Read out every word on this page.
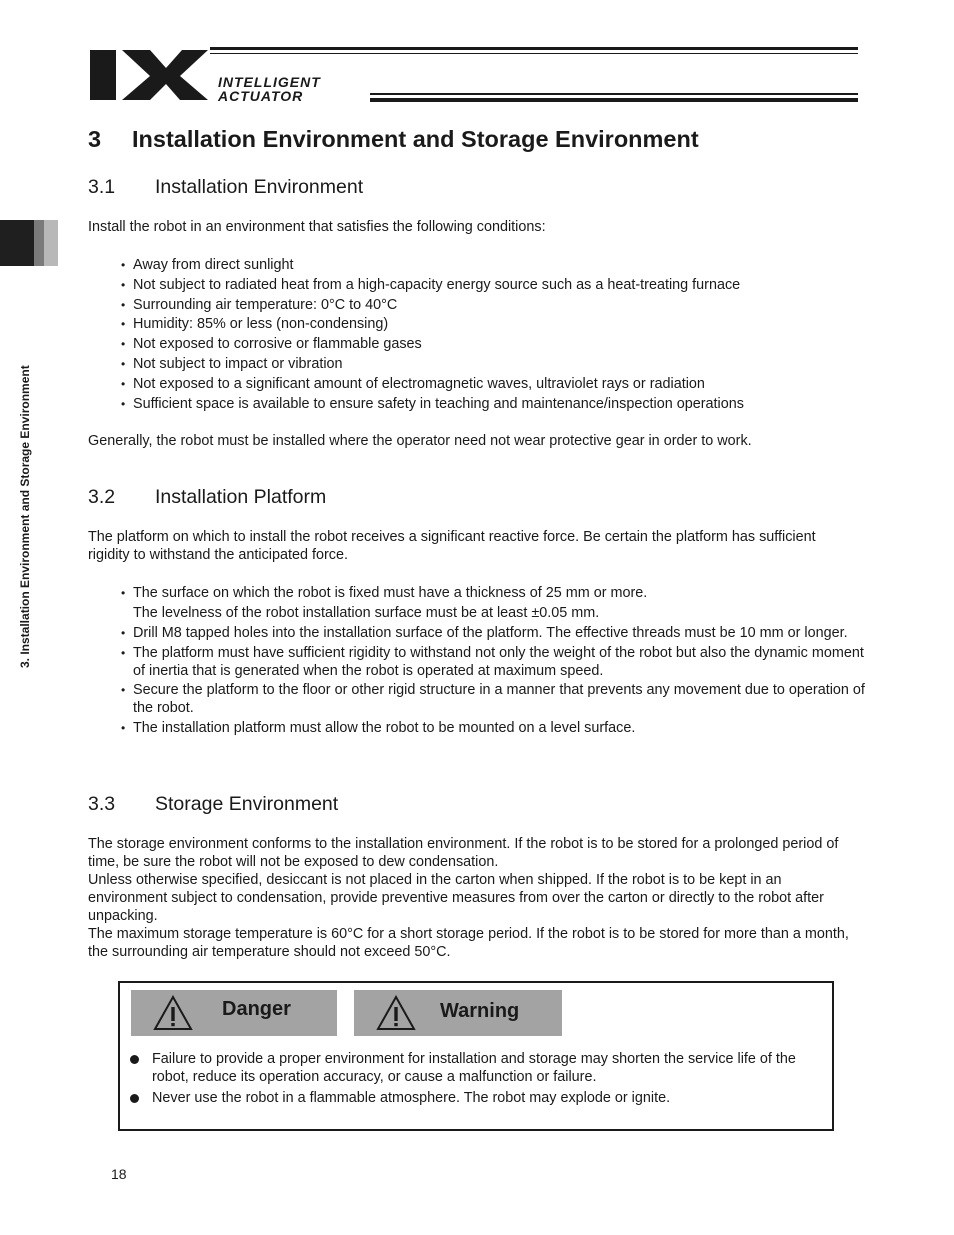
INTELLIGENT
ACTUATOR
3. Installation Environment and Storage Environment
3 Installation Environment and Storage Environment
3.1 Installation Environment
Install the robot in an environment that satisfies the following conditions:
• Away from direct sunlight
• Not subject to radiated heat from a high-capacity energy source such as a heat-treating furnace
• Surrounding air temperature: 0°C to 40°C
• Humidity: 85% or less (non-condensing)
• Not exposed to corrosive or flammable gases
• Not subject to impact or vibration
• Not exposed to a significant amount of electromagnetic waves, ultraviolet rays or radiation
• Sufficient space is available to ensure safety in teaching and maintenance/inspection operations
Generally, the robot must be installed where the operator need not wear protective gear in order to work.
3.2 Installation Platform
The platform on which to install the robot receives a significant reactive force. Be certain the platform has sufficient rigidity to withstand the anticipated force.
• The surface on which the robot is fixed must have a thickness of 25 mm or more.
The levelness of the robot installation surface must be at least ±0.05 mm.
• Drill M8 tapped holes into the installation surface of the platform. The effective threads must be 10 mm or longer.
• The platform must have sufficient rigidity to withstand not only the weight of the robot but also the dynamic moment of inertia that is generated when the robot is operated at maximum speed.
• Secure the platform to the floor or other rigid structure in a manner that prevents any movement due to operation of the robot.
• The installation platform must allow the robot to be mounted on a level surface.
3.3 Storage Environment

The storage environment conforms to the installation environment. If the robot is to be stored for a prolonged period of time, be sure the robot will not be exposed to dew condensation.

Unless otherwise specified, desiccant is not placed in the carton when shipped. If the robot is to be kept in an environment subject to condensation, provide preventive measures from over the carton or directly to the robot after unpacking.

The maximum storage temperature is 60°C for a short storage period. If the robot is to be stored for more than a month, the surrounding air temperature should not exceed 50°C.

Danger	Warning
Failure to provide a proper environment for installation and storage may shorten the service life of the robot, reduce its operation accuracy, or cause a malfunction or failure.
Never use the robot in a flammable atmosphere. The robot may explode or ignite.
18
